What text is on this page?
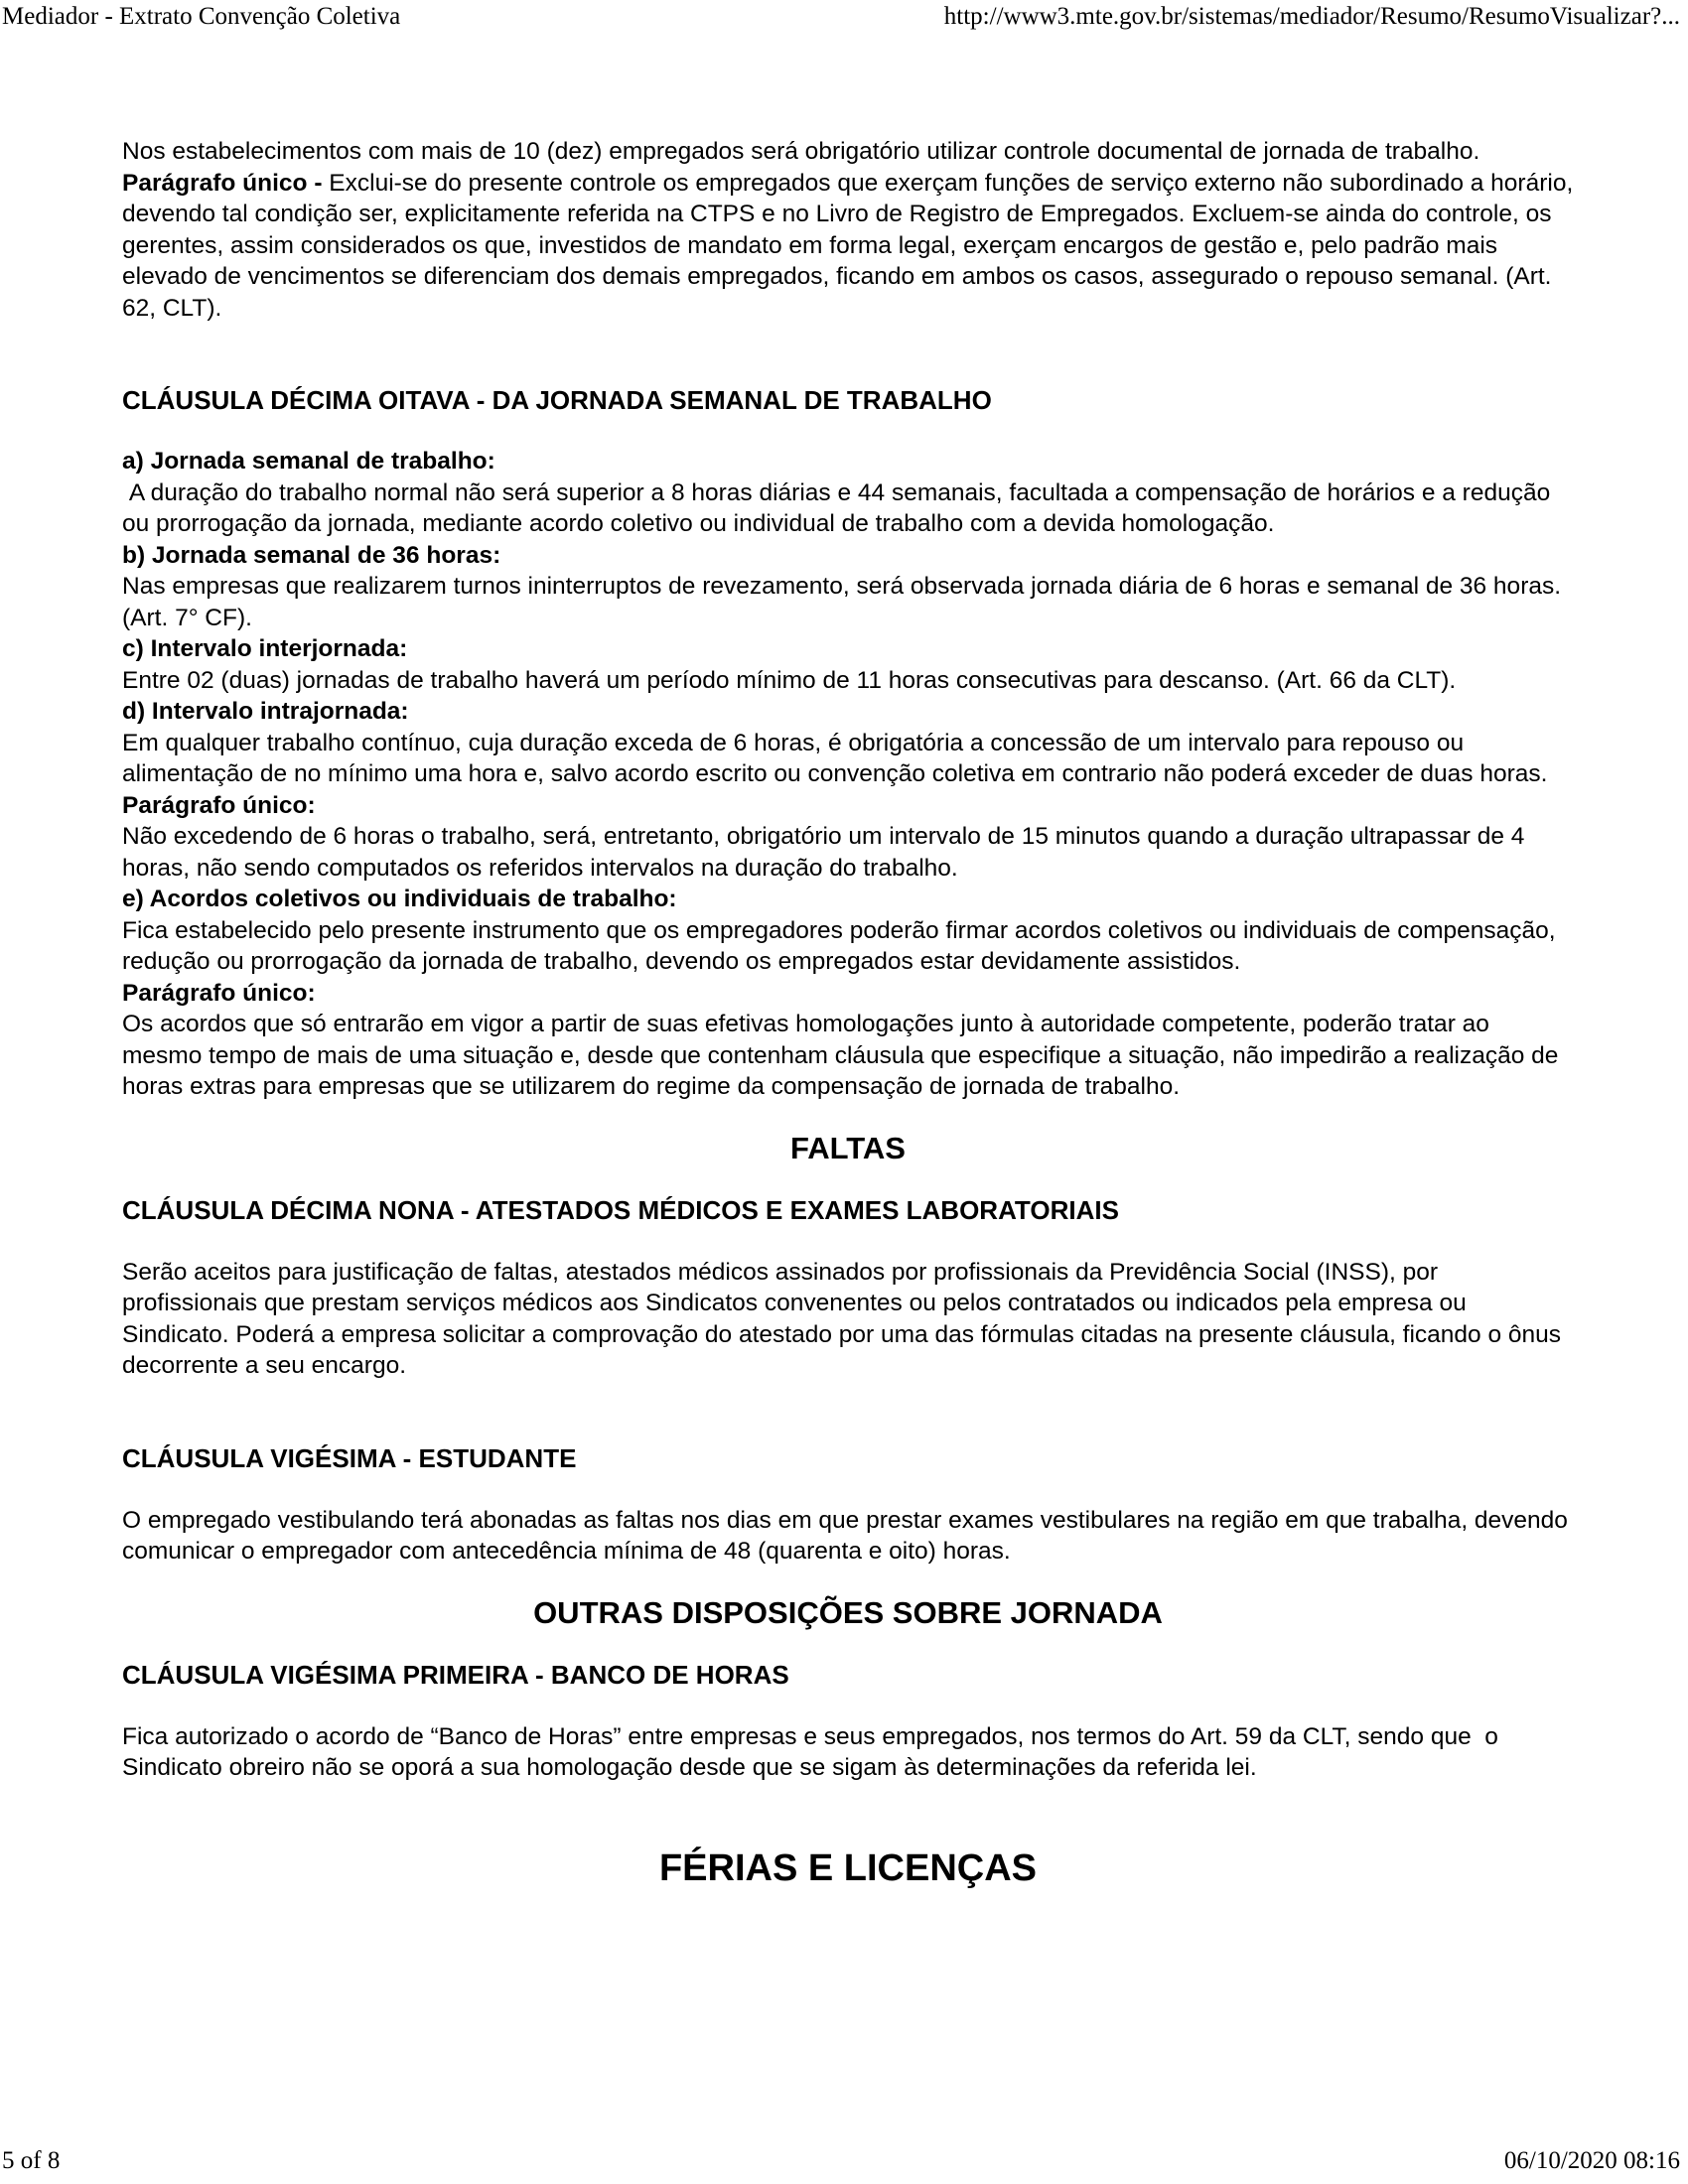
Mediador - Extrato Convenção Coletiva	http://www3.mte.gov.br/sistemas/mediador/Resumo/ResumoVisualizar?...

Nos estabelecimentos com mais de 10 (dez) empregados será obrigatório utilizar controle documental de jornada de trabalho.

Parágrafo único - Exclui-se do presente controle os empregados que exerçam funções de serviço externo não subordinado a horário, devendo tal condição ser, explicitamente referida na CTPS e no Livro de Registro de Empregados. Excluem-se ainda do controle, os gerentes, assim considerados os que, investidos de mandato em forma legal, exerçam encargos de gestão e, pelo padrão mais elevado de vencimentos se diferenciam dos demais empregados, ficando em ambos os casos, assegurado o repouso semanal. (Art. 62, CLT).

CLÁUSULA DÉCIMA OITAVA - DA JORNADA SEMANAL DE TRABALHO

a) Jornada semanal de trabalho:

A duração do trabalho normal não será superior a 8 horas diárias e 44 semanais, facultada a compensação de horários e a redução ou prorrogação da jornada, mediante acordo coletivo ou individual de trabalho com a devida homologação.

b) Jornada semanal de 36 horas:

Nas empresas que realizarem turnos ininterruptos de revezamento, será observada jornada diária de 6 horas e semanal de 36 horas. (Art. 7° CF).

c) Intervalo interjornada:

Entre 02 (duas) jornadas de trabalho haverá um período mínimo de 11 horas consecutivas para descanso. (Art. 66 da CLT).

d) Intervalo intrajornada:

Em qualquer trabalho contínuo, cuja duração exceda de 6 horas, é obrigatória a concessão de um intervalo para repouso ou alimentação de no mínimo uma hora e, salvo acordo escrito ou convenção coletiva em contrario não poderá exceder de duas horas.

Parágrafo único:

Não excedendo de 6 horas o trabalho, será, entretanto, obrigatório um intervalo de 15 minutos quando a duração ultrapassar de 4 horas, não sendo computados os referidos intervalos na duração do trabalho.

e) Acordos coletivos ou individuais de trabalho:

Fica estabelecido pelo presente instrumento que os empregadores poderão firmar acordos coletivos ou individuais de compensação, redução ou prorrogação da jornada de trabalho, devendo os empregados estar devidamente assistidos.

Parágrafo único:

Os acordos que só entrarão em vigor a partir de suas efetivas homologações junto à autoridade competente, poderão tratar ao mesmo tempo de mais de uma situação e, desde que contenham cláusula que especifique a situação, não impedirão a realização de horas extras para empresas que se utilizarem do regime da compensação de jornada de trabalho.

FALTAS

CLÁUSULA DÉCIMA NONA - ATESTADOS MÉDICOS E EXAMES LABORATORIAIS

Serão aceitos para justificação de faltas, atestados médicos assinados por profissionais da Previdência Social (INSS), por profissionais que prestam serviços médicos aos Sindicatos convenentes ou pelos contratados ou indicados pela empresa ou Sindicato. Poderá a empresa solicitar a comprovação do atestado por uma das fórmulas citadas na presente cláusula, ficando o ônus decorrente a seu encargo.

CLÁUSULA VIGÉSIMA - ESTUDANTE

O empregado vestibulando terá abonadas as faltas nos dias em que prestar exames vestibulares na região em que trabalha, devendo comunicar o empregador com antecedência mínima de 48 (quarenta e oito) horas.

OUTRAS DISPOSIÇÕES SOBRE JORNADA

CLÁUSULA VIGÉSIMA PRIMEIRA - BANCO DE HORAS

Fica autorizado o acordo de “Banco de Horas” entre empresas e seus empregados, nos termos do Art. 59 da CLT, sendo que  o Sindicato obreiro não se oporá a sua homologação desde que se sigam às determinações da referida lei.

FÉRIAS E LICENÇAS

5 of 8	06/10/2020 08:16
